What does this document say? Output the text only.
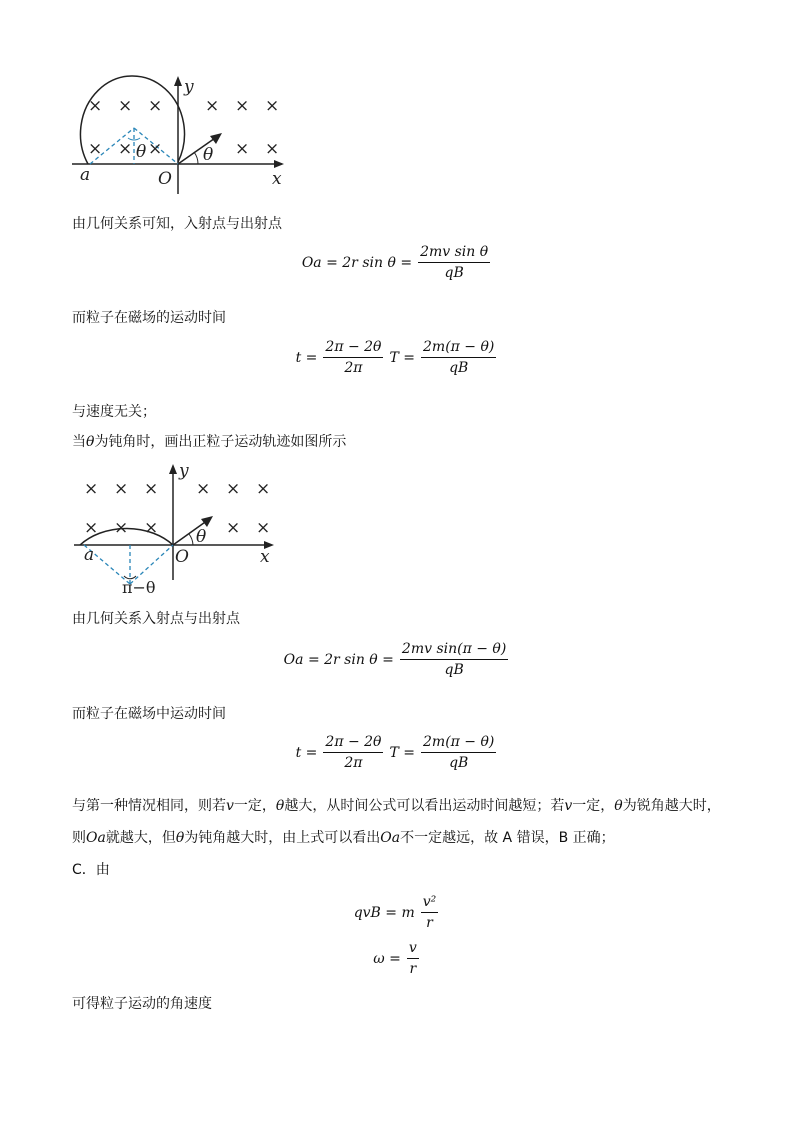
× × ×	× × ×
× × ×	× ×
θ	θ
y
x
O
a
由几何关系可知，入射点与出射点
Oa = 2r $\sin \theta = \frac{\text{2mv sin θ}}{qB}$
而粒子在磁场的运动时间
$t = \frac{2\pi - 2\theta}{2\pi}$ $T = \frac{2m(\pi - \theta)}{qB}$
与速度无关；
当θ为钝角时，画出正粒子运动轨迹如图所示
× × × × × ×
× × ×	× ×
y
x
O
a
θ
π−θ
由几何关系入射点与出射点
Oa = 2r $\sin \theta = \frac{\text{2mv sin(π − θ)}}{qB}$
而粒子在磁场中运动时间
$t = \frac{2\pi - 2\theta}{2\pi}$ $T = \frac{2m(\pi - \theta)}{qB}$
与第一种情况相同，则若v一定，θ越大，从时间公式可以看出运动时间越短；若v一定，θ为锐角越大时，则Oa就越大，但θ为钝角越大时，由上式可以看出Oa不一定越远，故 A 错误，B 正确；
C．由
qvB = m $\frac{\text{v²}}{r}$
$\omega = \frac{v}{r}$
可得粒子运动的角速度
